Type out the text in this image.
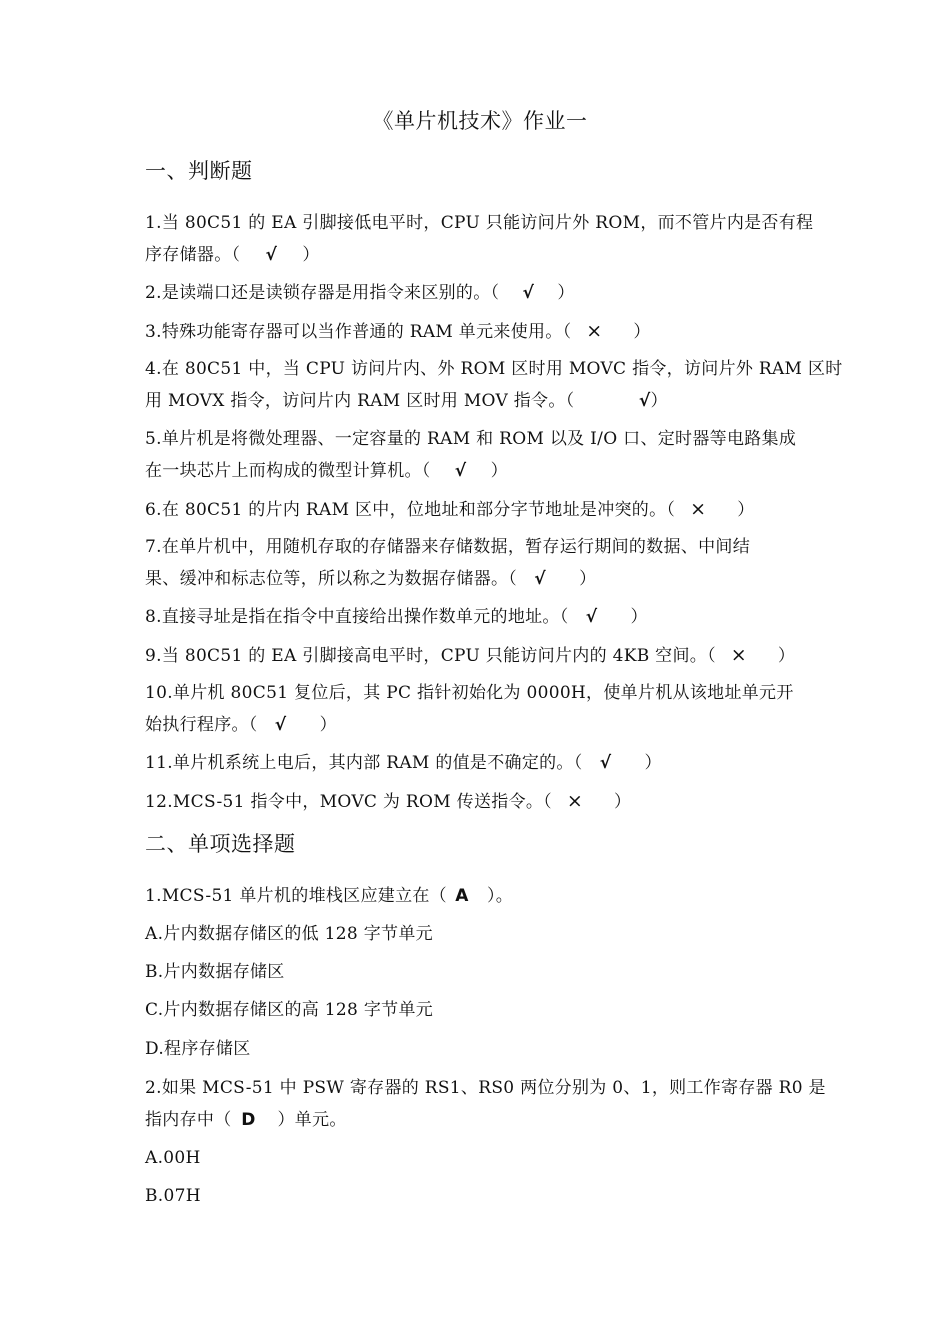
《单片机技术》作业一
一、判断题
1.当 80C51 的 EA 引脚接低电平时，CPU 只能访问片外 ROM，而不管片内是否有程
序存储器。（ √ ）
2.是读端口还是读锁存器是用指令来区别的。（ √ ）
3.特殊功能寄存器可以当作普通的 RAM 单元来使用。（ × ）
4.在 80C51 中，当 CPU 访问片内、外 ROM 区时用 MOVC 指令，访问片外 RAM 区时
用 MOVX 指令，访问片内 RAM 区时用 MOV 指令。（	√）
5.单片机是将微处理器、一定容量的 RAM 和 ROM 以及 I/O 口、定时器等电路集成
在一块芯片上而构成的微型计算机。（ √ ）
6.在 80C51 的片内 RAM 区中，位地址和部分字节地址是冲突的。（ × ）
7.在单片机中，用随机存取的存储器来存储数据，暂存运行期间的数据、中间结
果、缓冲和标志位等，所以称之为数据存储器。（ √ ）
8.直接寻址是指在指令中直接给出操作数单元的地址。（ √ ）
9.当 80C51 的 EA 引脚接高电平时，CPU 只能访问片内的 4KB 空间。（ × ）
10.单片机 80C51 复位后，其 PC 指针初始化为 0000H，使单片机从该地址单元开
始执行程序。（ √ ）
11.单片机系统上电后，其内部 RAM 的值是不确定的。（ √ ）
12.MCS-51 指令中，MOVC 为 ROM 传送指令。（ × ）
二、单项选择题
1.MCS-51 单片机的堆栈区应建立在（ A ）。
A.片内数据存储区的低 128 字节单元
B.片内数据存储区
C.片内数据存储区的高 128 字节单元
D.程序存储区
2.如果 MCS-51 中 PSW 寄存器的 RS1、RS0 两位分别为 0、1，则工作寄存器 R0 是
指内存中（ D ）单元。
A.00H
B.07H
